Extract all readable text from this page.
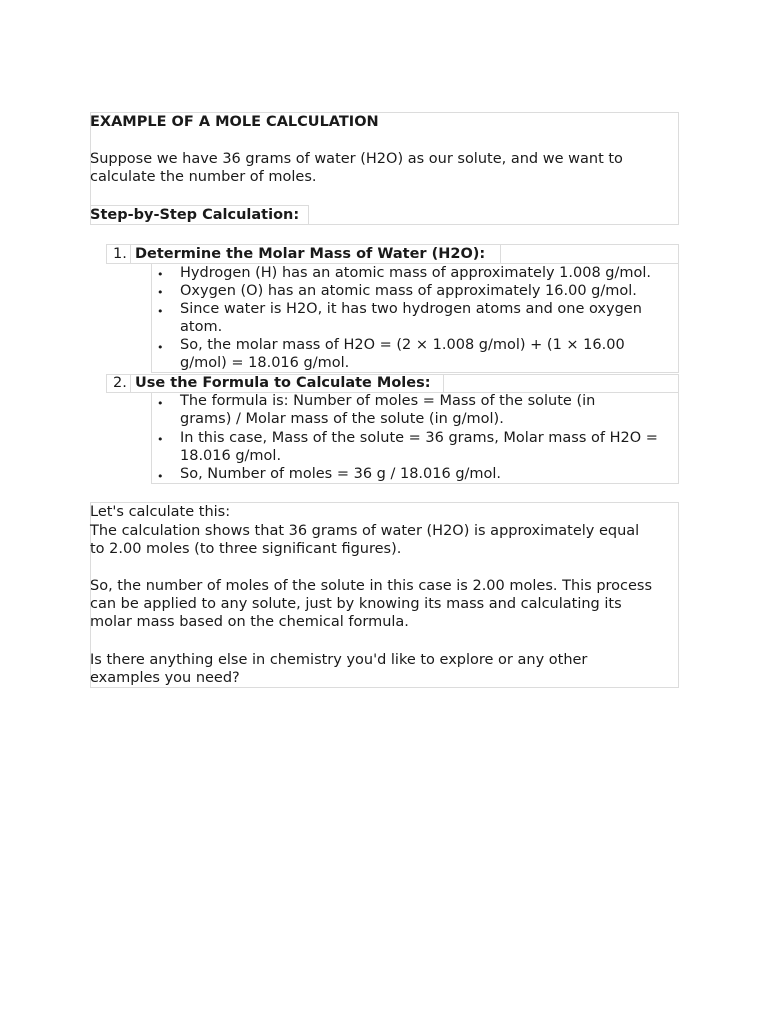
EXAMPLE OF A MOLE CALCULATION

Suppose we have 36 grams of water (H2O) as our solute, and we want to
calculate the number of moles.

Step-by-Step Calculation:

1. Determine the Molar Mass of Water (H2O):
• Hydrogen (H) has an atomic mass of approximately 1.008 g/mol.

• Oxygen (O) has an atomic mass of approximately 16.00 g/mol.

• Since water is H2O, it has two hydrogen atoms and one oxygen
atom.

• So, the molar mass of H2O = (2 × 1.008 g/mol) + (1 × 16.00
g/mol) = 18.016 g/mol.

2. Use the Formula to Calculate Moles:
• The formula is: Number of moles = Mass of the solute (in
grams) / Molar mass of the solute (in g/mol).

• In this case, Mass of the solute = 36 grams, Molar mass of H2O =
18.016 g/mol.

• So, Number of moles = 36 g / 18.016 g/mol.

Let's calculate this:

The calculation shows that 36 grams of water (H2O) is approximately equal
to 2.00 moles (to three significant figures).

So, the number of moles of the solute in this case is 2.00 moles. This process
can be applied to any solute, just by knowing its mass and calculating its
molar mass based on the chemical formula.

Is there anything else in chemistry you'd like to explore or any other
examples you need?
